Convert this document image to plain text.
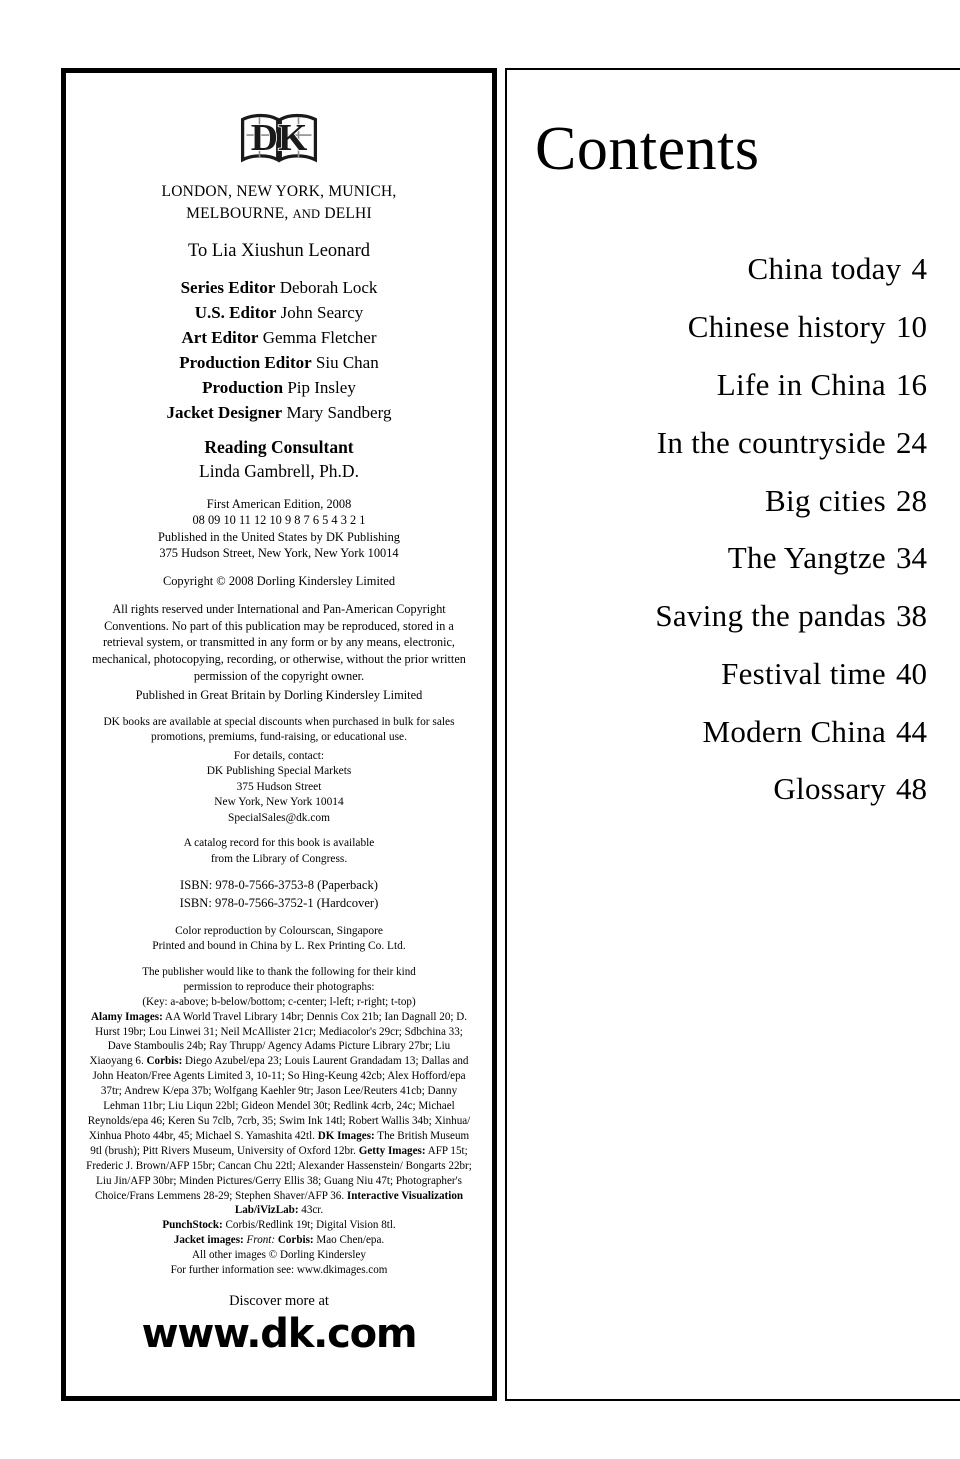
DK
LONDON, NEW YORK, MUNICH,
MELBOURNE, AND DELHI
To Lia Xiushun Leonard
Series Editor Deborah Lock
U.S. Editor John Searcy
Art Editor Gemma Fletcher
Production Editor Siu Chan
Production Pip Insley
Jacket Designer Mary Sandberg
Reading Consultant
Linda Gambrell, Ph.D.
First American Edition, 2008
08 09 10 11 12 10 9 8 7 6 5 4 3 2 1
Published in the United States by DK Publishing
375 Hudson Street, New York, New York 10014
Copyright © 2008 Dorling Kindersley Limited
All rights reserved under International and Pan-American Copyright Conventions. No part of this publication may be reproduced, stored in a retrieval system, or transmitted in any form or by any means, electronic, mechanical, photocopying, recording, or otherwise, without the prior written permission of the copyright owner.
Published in Great Britain by Dorling Kindersley Limited
DK books are available at special discounts when purchased in bulk for sales promotions, premiums, fund-raising, or educational use.
For details, contact:
DK Publishing Special Markets
375 Hudson Street
New York, New York 10014
SpecialSales@dk.com
A catalog record for this book is available
from the Library of Congress.
ISBN: 978-0-7566-3753-8 (Paperback)
ISBN: 978-0-7566-3752-1 (Hardcover)
Color reproduction by Colourscan, Singapore
Printed and bound in China by L. Rex Printing Co. Ltd.
The publisher would like to thank the following for their kind
permission to reproduce their photographs:
(Key: a-above; b-below/bottom; c-center; l-left; r-right; t-top)
Alamy Images: AA World Travel Library 14br; Dennis Cox 21b; Ian Dagnall 20; D. Hurst 19br; Lou Linwei 31; Neil McAllister 21cr; Mediacolor's 29cr; Sdbchina 33; Dave Stamboulis 24b; Ray Thrupp/ Agency Adams Picture Library 27br; Liu Xiaoyang 6. Corbis: Diego Azubel/epa 23; Louis Laurent Grandadam 13; Dallas and John Heaton/Free Agents Limited 3, 10-11; So Hing-Keung 42cb; Alex Hofford/epa 37tr; Andrew K/epa 37b; Wolfgang Kaehler 9tr; Jason Lee/Reuters 41cb; Danny Lehman 11br; Liu Liqun 22bl; Gideon Mendel 30t; Redlink 4crb, 24c; Michael Reynolds/epa 46; Keren Su 7clb, 7crb, 35; Swim Ink 14tl; Robert Wallis 34b; Xinhua/ Xinhua Photo 44br, 45; Michael S. Yamashita 42tl. DK Images: The British Museum 9tl (brush); Pitt Rivers Museum, University of Oxford 12br. Getty Images: AFP 15t; Frederic J. Brown/AFP 15br; Cancan Chu 22tl; Alexander Hassenstein/ Bongarts 22br; Liu Jin/AFP 30br; Minden Pictures/Gerry Ellis 38; Guang Niu 47t; Photographer's Choice/Frans Lemmens 28-29; Stephen Shaver/AFP 36. Interactive Visualization Lab/iVizLab: 43cr.
PunchStock: Corbis/Redlink 19t; Digital Vision 8tl.
Jacket images: Front: Corbis: Mao Chen/epa.
All other images © Dorling Kindersley
For further information see: www.dkimages.com
Discover more at
www.dk.com
Contents
China today 4
Chinese history 10
Life in China 16
In the countryside 24
Big cities 28
The Yangtze 34
Saving the pandas 38
Festival time 40
Modern China 44
Glossary 48
